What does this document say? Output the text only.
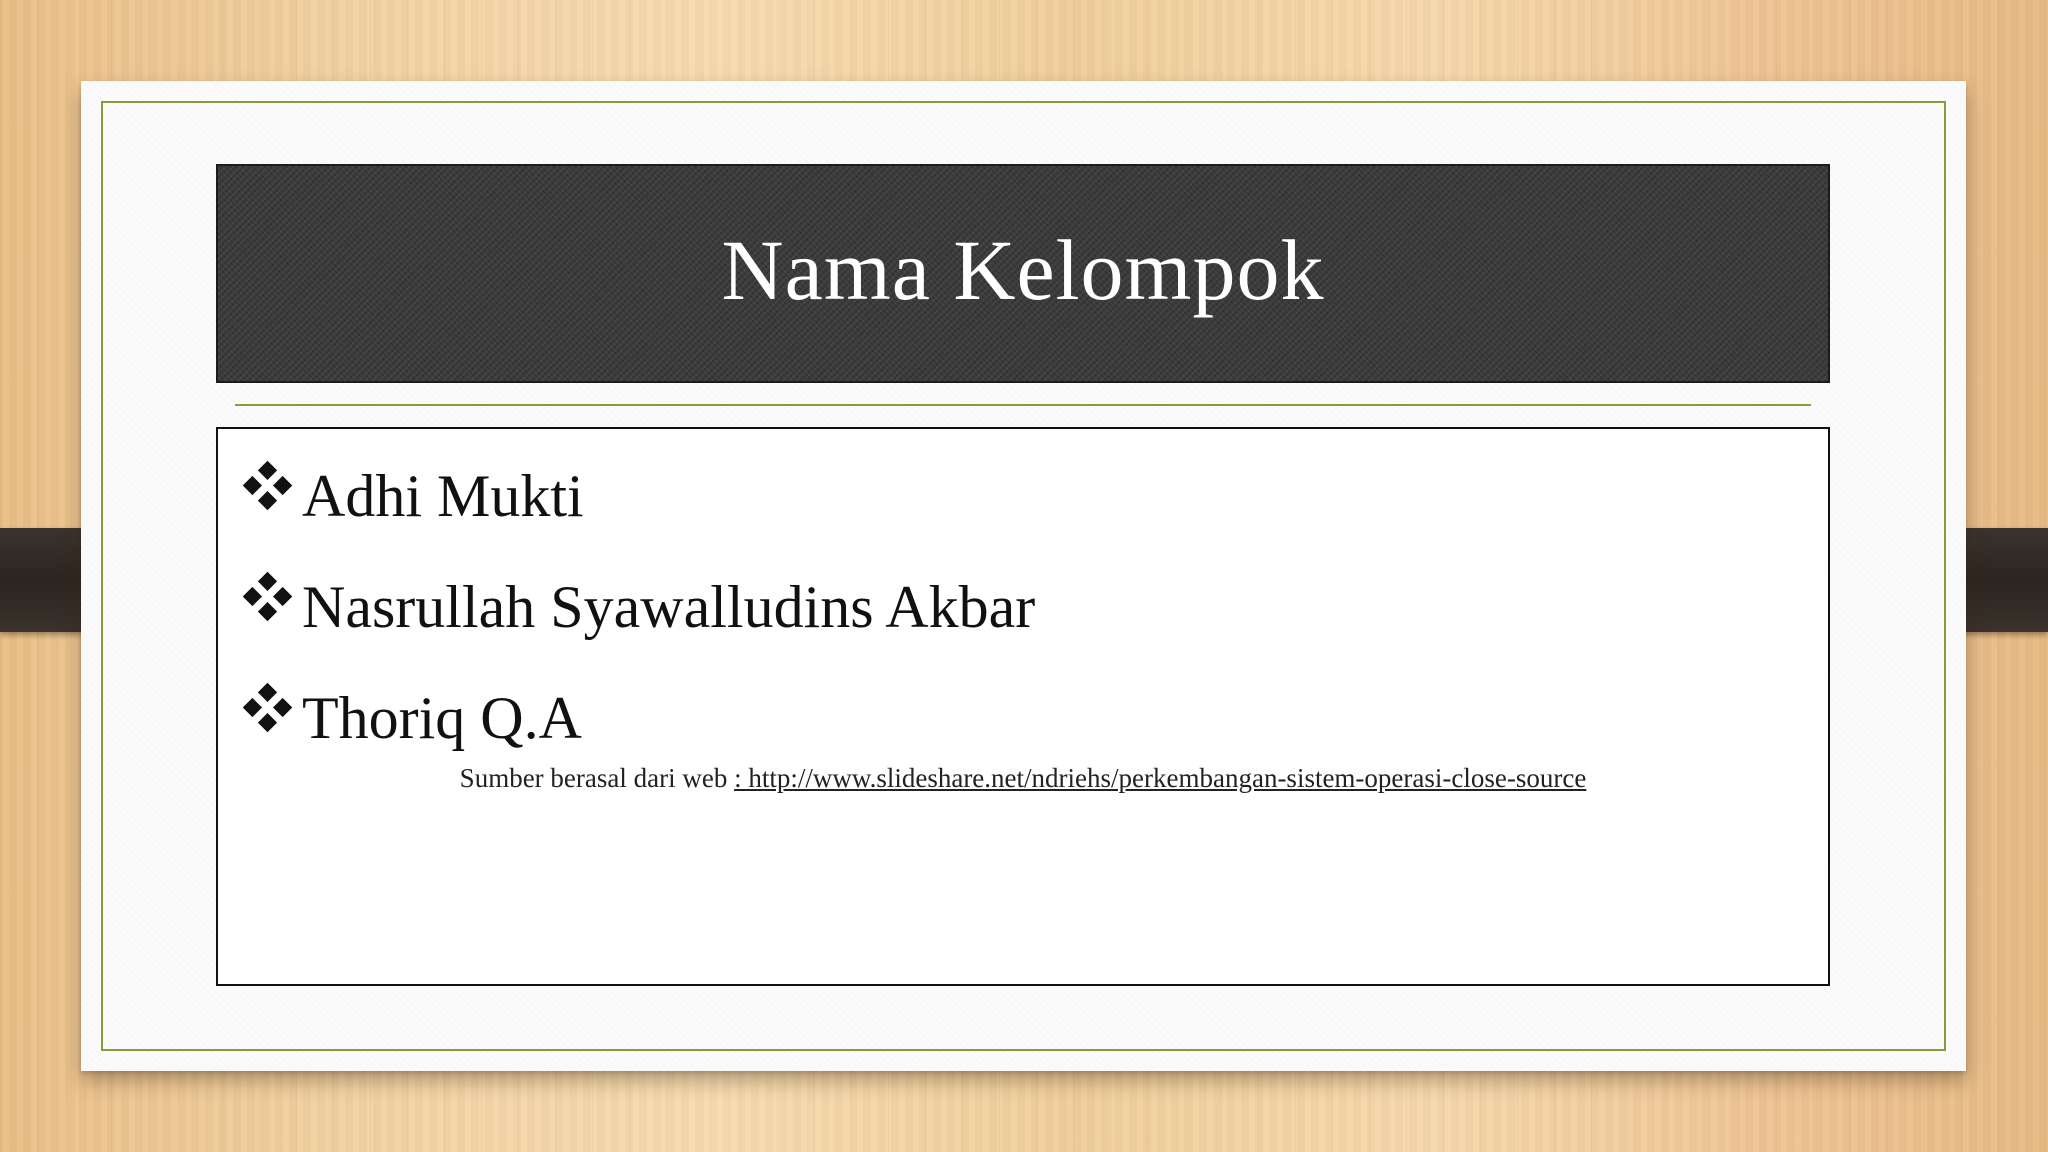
Nama Kelompok
Adhi Mukti
Nasrullah Syawalludins Akbar
Thoriq Q.A
Sumber berasal dari web : http://www.slideshare.net/ndriehs/perkembangan-sistem-operasi-close-source
